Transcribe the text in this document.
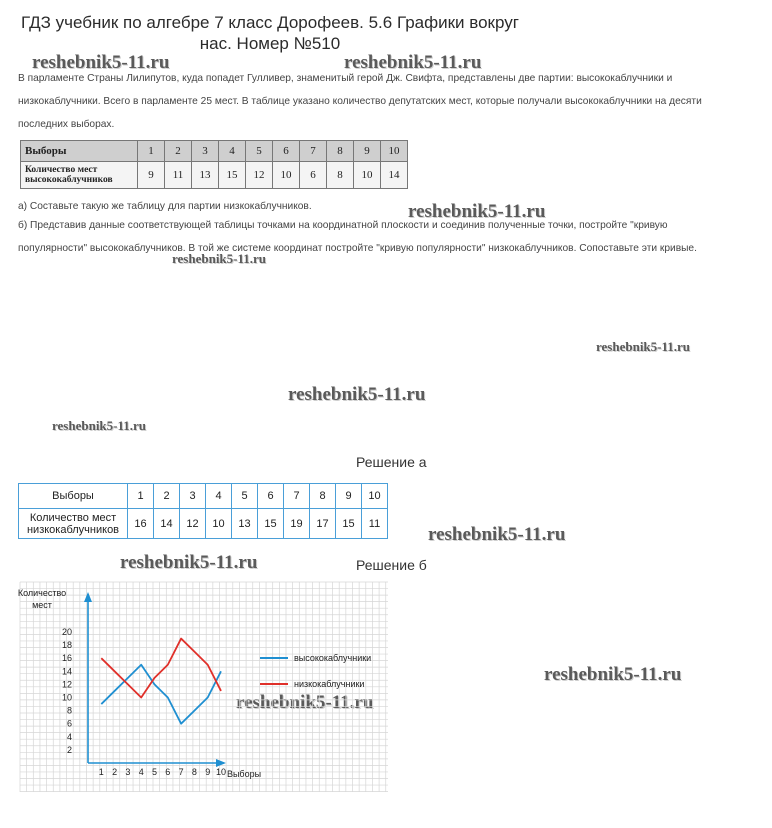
ГДЗ учебник по алгебре 7 класс Дорофеев. 5.6 Графики вокруг
нас. Номер №510
reshebnik5-11.ru	reshebnik5-11.ru
reshebnik5-11.ru
reshebnik5-11.ru
reshebnik5-11.ru
reshebnik5-11.ru
reshebnik5-11.ru
reshebnik5-11.ru
reshebnik5-11.ru
reshebnik5-11.ru
reshebnik5-11.ru
В парламенте Страны Лилипутов, куда попадет Гулливер, знаменитый герой Дж. Свифта, представлены две партии: высококаблучники и
низкокаблучники. Всего в парламенте 25 мест. В таблице указано количество депутатских мест, которые получали высококаблучники на десяти
последних выборах.
Выборы	1	2	3	4	5	6	7	8	9	10
Количество мест высококаблучников	9	11	13	15	12	10	6	8	10	14
а) Составьте такую же таблицу для партии низкокаблучников.
б) Представив данные соответствующей таблицы точками на координатной плоскости и соединив полученные точки, постройте "кривую
популярности" высококаблучников. В той же системе координат постройте "кривую популярности" низкокаблучников. Сопоставьте эти кривые.
Решение а
Выборы	1	2	3	4	5	6	7	8	9	10
Количество мест низкокаблучников	16	14	12	10	13	15	19	17	15	11
Решение б
2
4
6
8
10
12
14
16
18
20
1 2 3 4 5 6 7 8 9 10
Количество
мест
Выборы
высококаблучники
низкокаблучники
